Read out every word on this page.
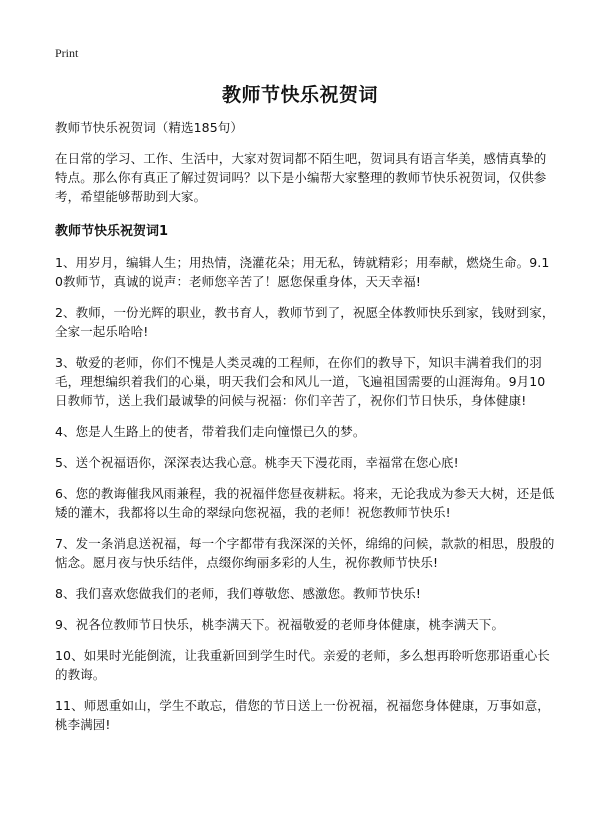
Print
教师节快乐祝贺词

教师节快乐祝贺词（精选185句）

在日常的学习、工作、生活中，大家对贺词都不陌生吧，贺词具有语言华美，感情真挚的特点。那么你有真正了解过贺词吗？以下是小编帮大家整理的教师节快乐祝贺词，仅供参考，希望能够帮助到大家。

教师节快乐祝贺词1

1、用岁月，编辑人生；用热情，浇灌花朵；用无私，铸就精彩；用奉献，燃烧生命。9.10教师节，真诚的说声：老师您辛苦了！愿您保重身体，天天幸福!

2、教师，一份光辉的职业，教书育人，教师节到了，祝愿全体教师快乐到家，钱财到家，全家一起乐哈哈!

3、敬爱的老师，你们不愧是人类灵魂的工程师，在你们的教导下，知识丰满着我们的羽毛，理想编织着我们的心巢，明天我们会和风儿一道，飞遍祖国需要的山涯海角。9月10日教师节，送上我们最诚挚的问候与祝福：你们辛苦了，祝你们节日快乐，身体健康!

4、您是人生路上的使者，带着我们走向憧憬已久的梦。

5、送个祝福语你，深深表达我心意。桃李天下漫花雨，幸福常在您心底!

6、您的教诲催我风雨兼程，我的祝福伴您昼夜耕耘。将来，无论我成为参天大树，还是低矮的灌木，我都将以生命的翠绿向您祝福，我的老师！祝您教师节快乐!

7、发一条消息送祝福，每一个字都带有我深深的关怀，绵绵的问候，款款的相思，殷殷的惦念。愿月夜与快乐结伴，点缀你绚丽多彩的人生，祝你教师节快乐!

8、我们喜欢您做我们的老师，我们尊敬您、感激您。教师节快乐!

9、祝各位教师节日快乐，桃李满天下。祝福敬爱的老师身体健康，桃李满天下。

10、如果时光能倒流，让我重新回到学生时代。亲爱的老师，多么想再聆听您那语重心长的教诲。

11、师恩重如山，学生不敢忘，借您的节日送上一份祝福，祝福您身体健康，万事如意，桃李满园!
